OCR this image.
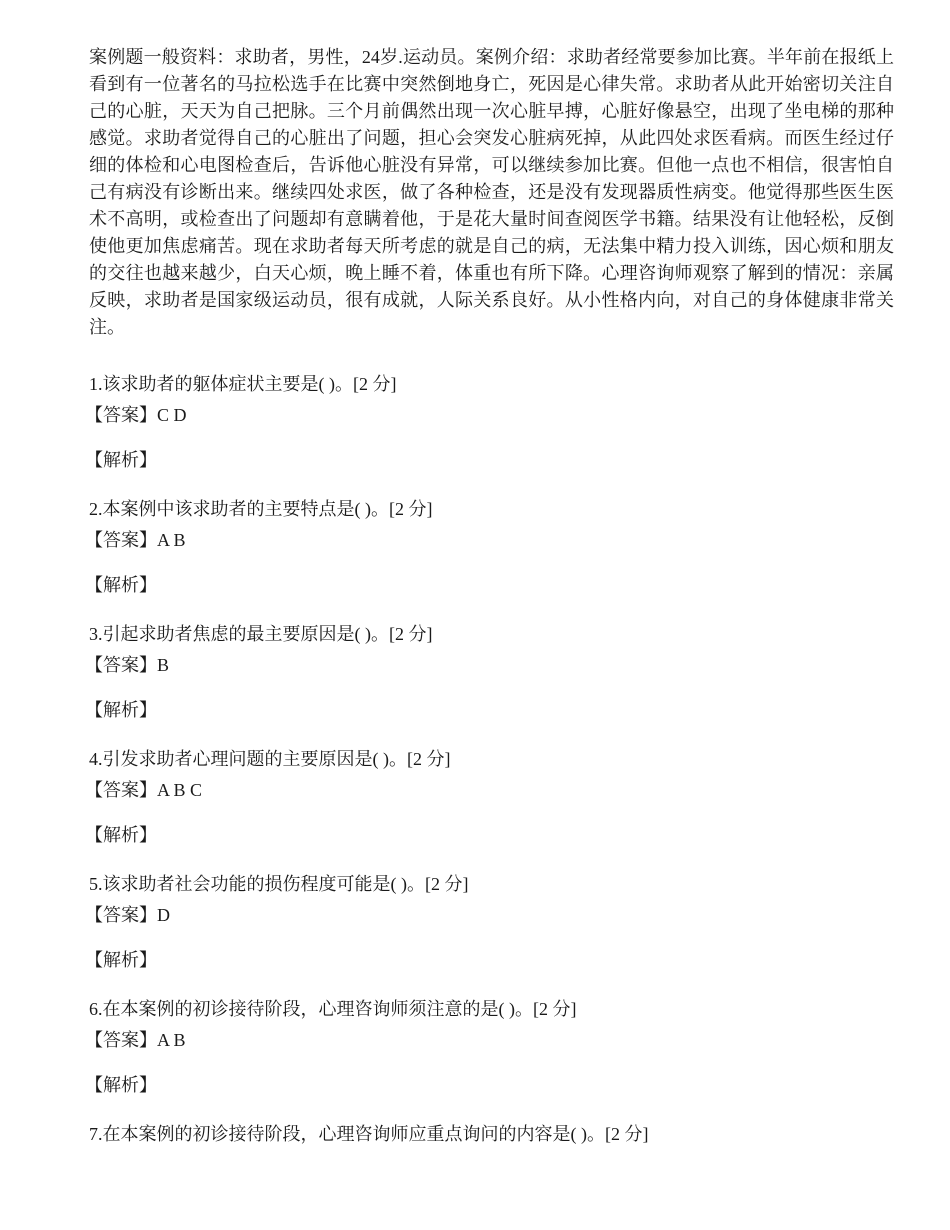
案例题一般资料：求助者，男性，24岁.运动员。案例介绍：求助者经常要参加比赛。半年前在报纸上看到有一位著名的马拉松选手在比赛中突然倒地身亡，死因是心律失常。求助者从此开始密切关注自己的心脏，天天为自己把脉。三个月前偶然出现一次心脏早搏，心脏好像悬空，出现了坐电梯的那种感觉。求助者觉得自己的心脏出了问题，担心会突发心脏病死掉，从此四处求医看病。而医生经过仔细的体检和心电图检查后，告诉他心脏没有异常，可以继续参加比赛。但他一点也不相信，很害怕自己有病没有诊断出来。继续四处求医，做了各种检查，还是没有发现器质性病变。他觉得那些医生医术不高明，或检查出了问题却有意瞒着他，于是花大量时间查阅医学书籍。结果没有让他轻松，反倒使他更加焦虑痛苦。现在求助者每天所考虑的就是自己的病，无法集中精力投入训练，因心烦和朋友的交往也越来越少，白天心烦，晚上睡不着，体重也有所下降。心理咨询师观察了解到的情况：亲属反映，求助者是国家级运动员，很有成就，人际关系良好。从小性格内向，对自己的身体健康非常关注。

1.该求助者的躯体症状主要是( )。[2 分]

【答案】C D

【解析】

2.本案例中该求助者的主要特点是( )。[2 分]

【答案】A B

【解析】

3.引起求助者焦虑的最主要原因是( )。[2 分]

【答案】B

【解析】

4.引发求助者心理问题的主要原因是( )。[2 分]

【答案】A B C

【解析】

5.该求助者社会功能的损伤程度可能是( )。[2 分]

【答案】D

【解析】

6.在本案例的初诊接待阶段，心理咨询师须注意的是( )。[2 分]

【答案】A B

【解析】

7.在本案例的初诊接待阶段，心理咨询师应重点询问的内容是( )。[2 分]
